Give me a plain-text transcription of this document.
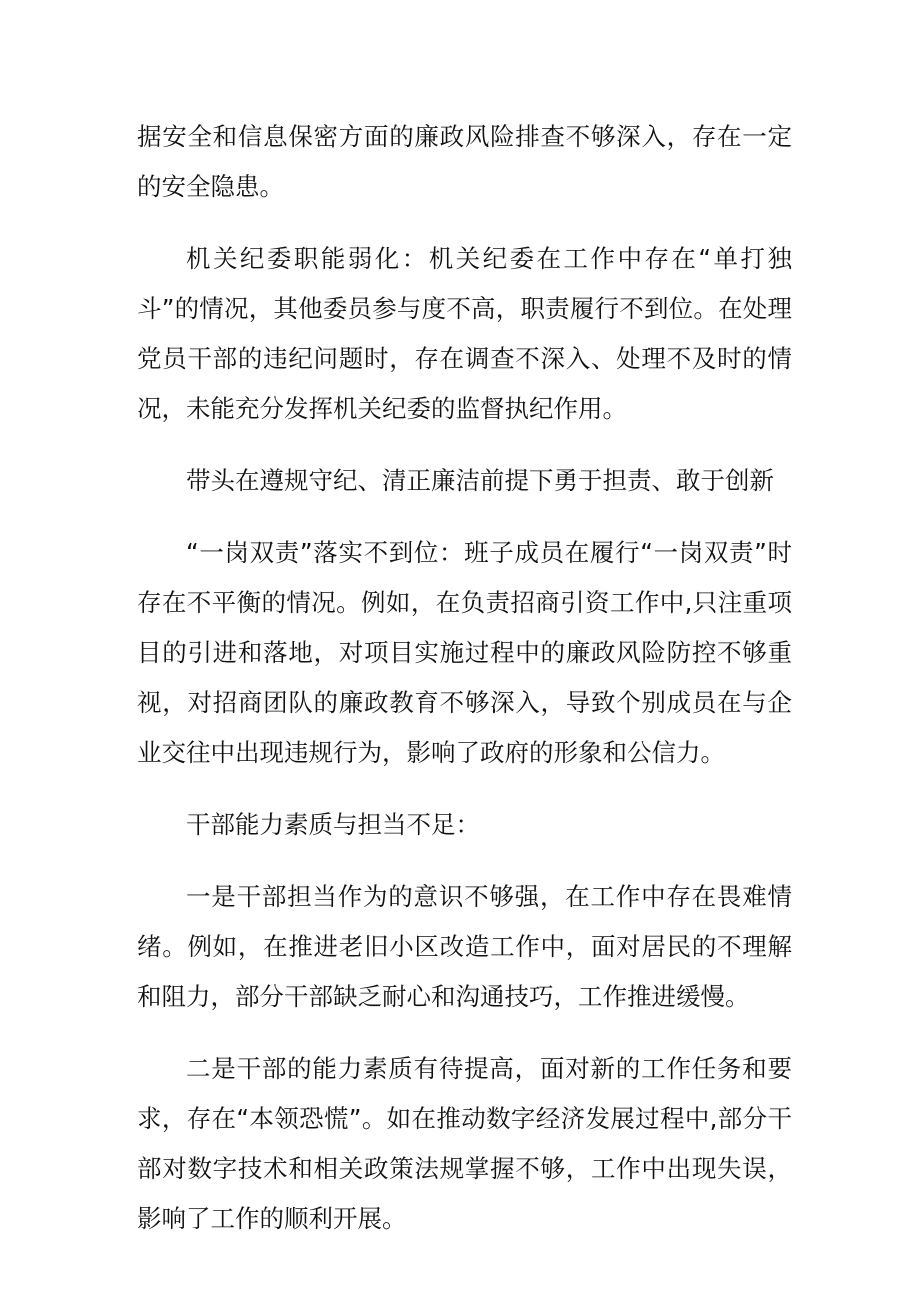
据安全和信息保密方面的廉政风险排查不够深入，存在一定的安全隐患。

机关纪委职能弱化：机关纪委在工作中存在“单打独斗”的情况，其他委员参与度不高，职责履行不到位。在处理党员干部的违纪问题时，存在调查不深入、处理不及时的情况，未能充分发挥机关纪委的监督执纪作用。

带头在遵规守纪、清正廉洁前提下勇于担责、敢于创新

“一岗双责”落实不到位：班子成员在履行“一岗双责”时存在不平衡的情况。例如，在负责招商引资工作中,只注重项目的引进和落地，对项目实施过程中的廉政风险防控不够重视，对招商团队的廉政教育不够深入，导致个别成员在与企业交往中出现违规行为，影响了政府的形象和公信力。

干部能力素质与担当不足：

一是干部担当作为的意识不够强，在工作中存在畏难情绪。例如，在推进老旧小区改造工作中，面对居民的不理解和阻力，部分干部缺乏耐心和沟通技巧，工作推进缓慢。

二是干部的能力素质有待提高，面对新的工作任务和要求，存在“本领恐慌”。如在推动数字经济发展过程中,部分干部对数字技术和相关政策法规掌握不够，工作中出现失误，影响了工作的顺利开展。
